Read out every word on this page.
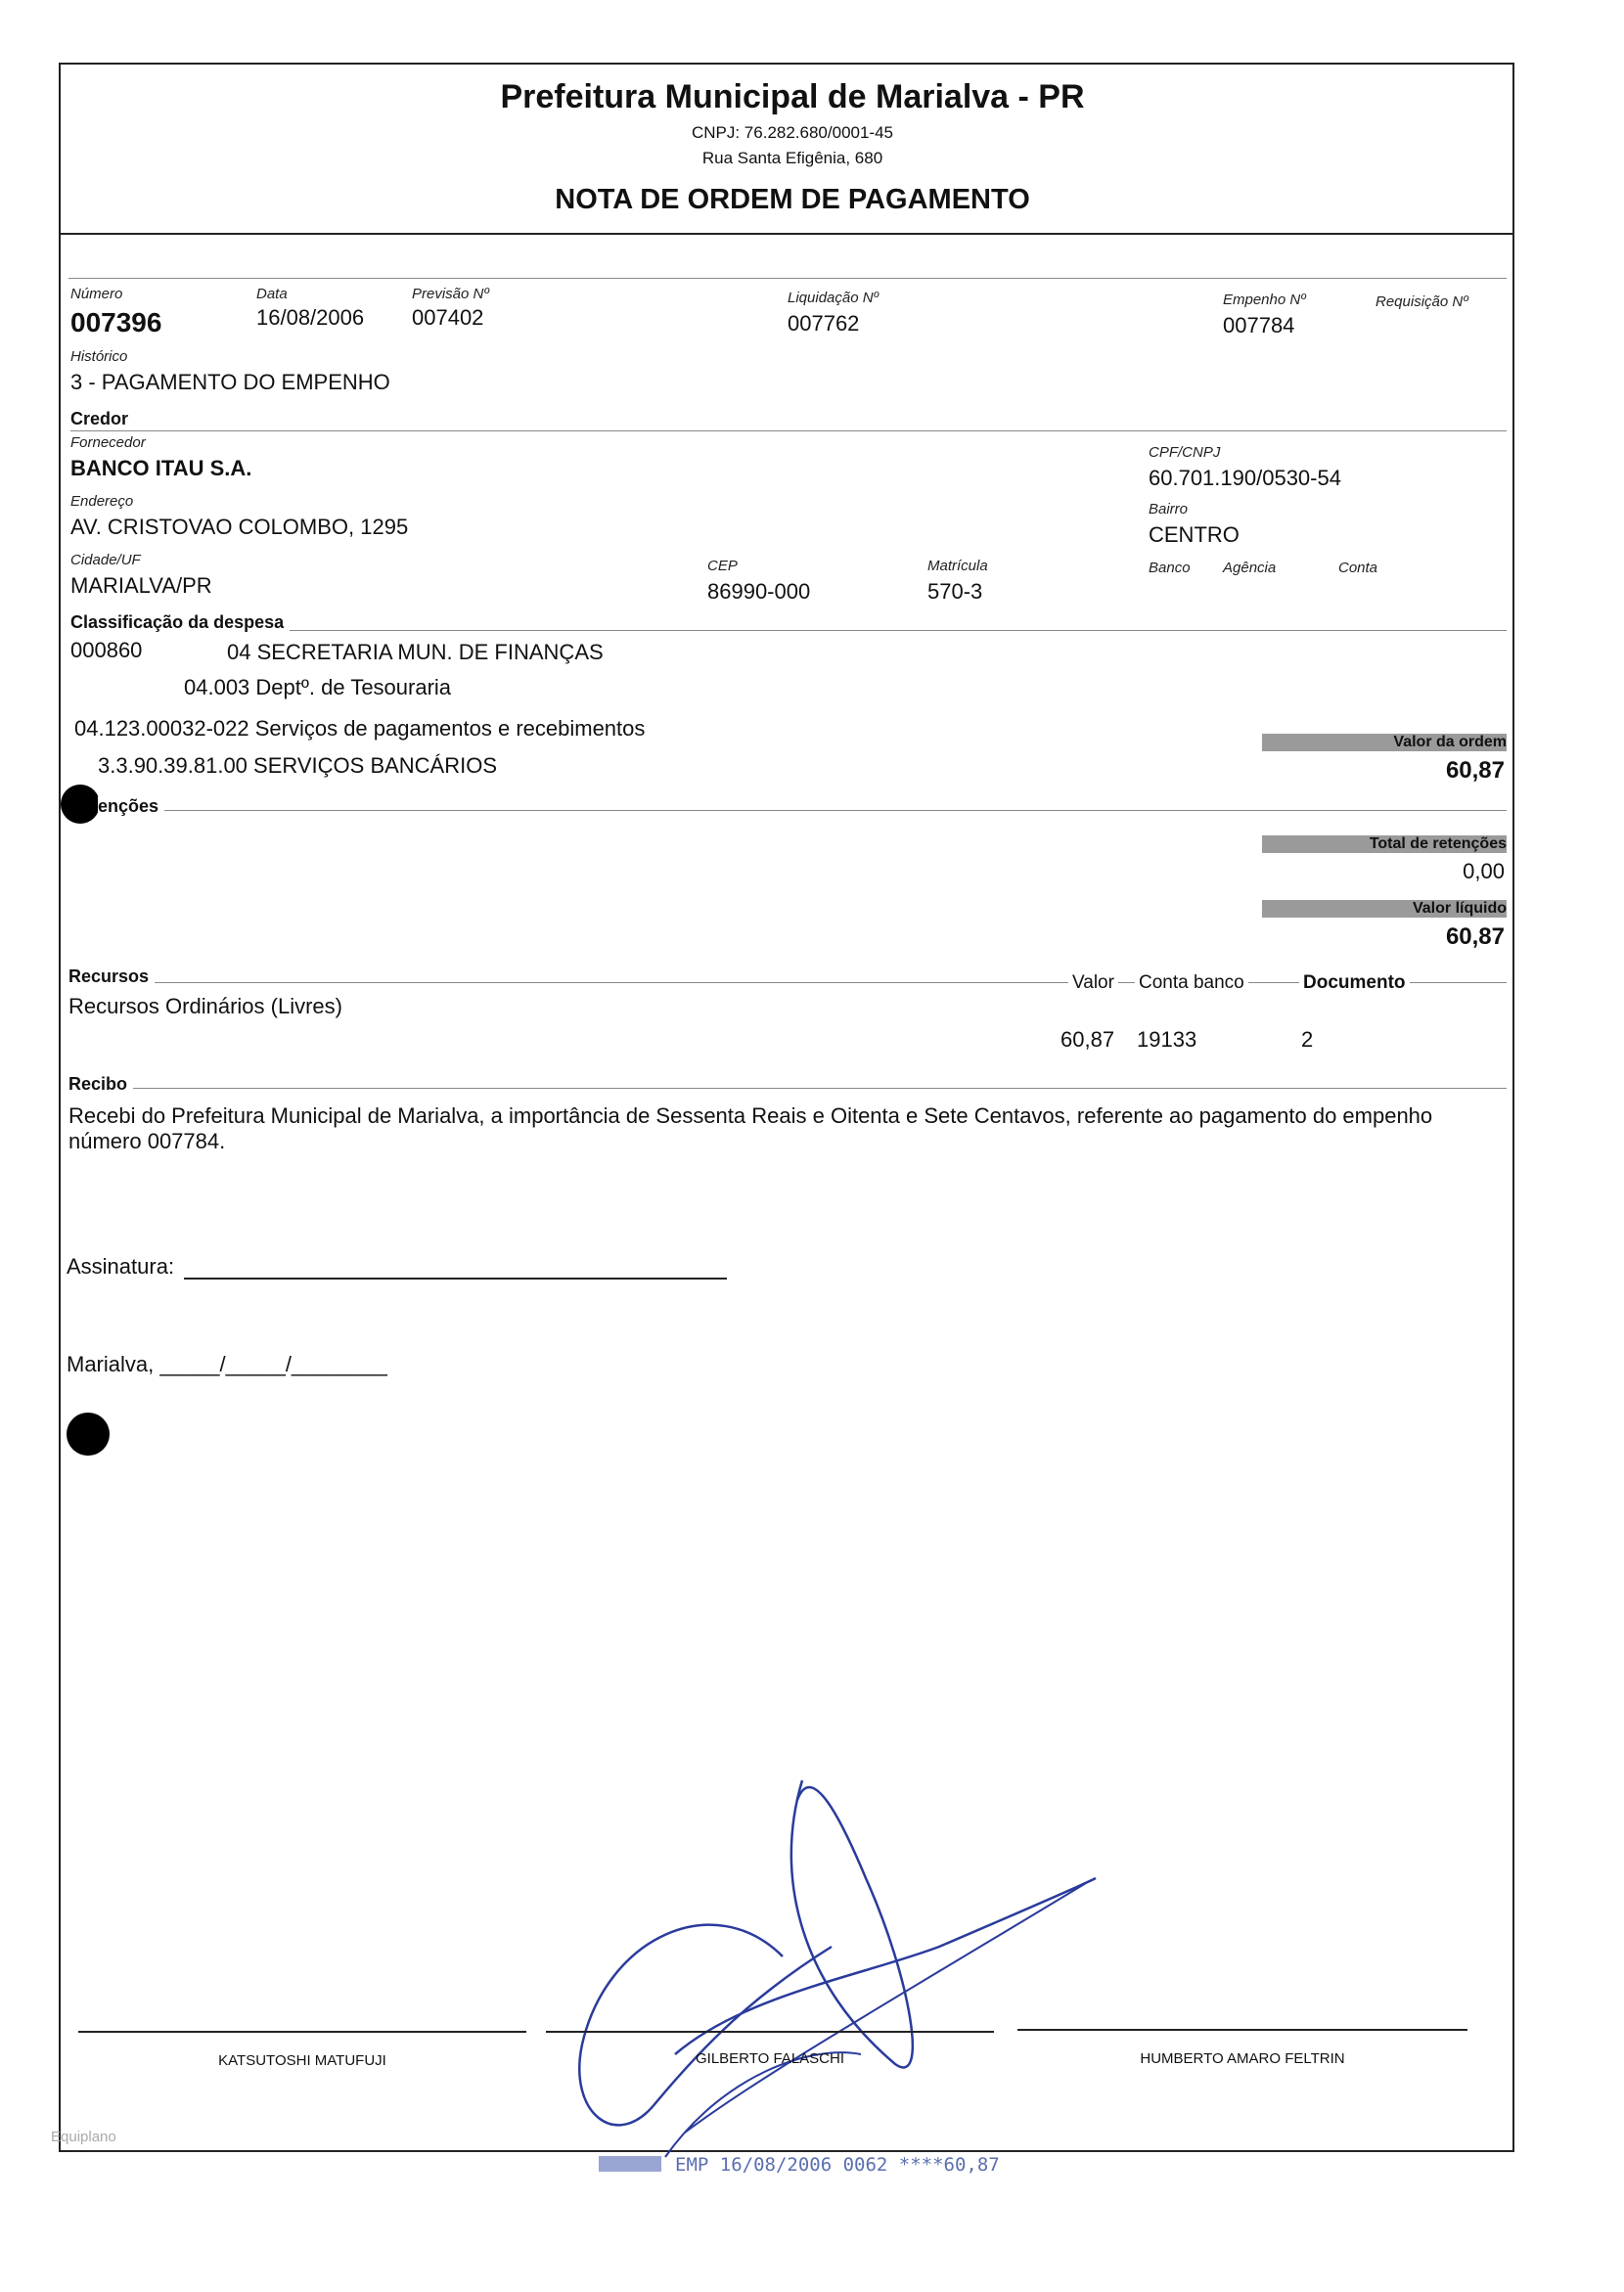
Prefeitura Municipal de Marialva - PR
CNPJ: 76.282.680/0001-45
Rua Santa Efigênia, 680
NOTA DE ORDEM DE PAGAMENTO
Número
007396
Data
16/08/2006
Previsão Nº
007402
Liquidação Nº
007762
Empenho Nº
007784
Requisição Nº
Histórico
3 - PAGAMENTO DO EMPENHO
Credor
Fornecedor
BANCO ITAU S.A.
CPF/CNPJ
60.701.190/0530-54
Endereço
AV. CRISTOVAO COLOMBO, 1295
Bairro
CENTRO
Cidade/UF
MARIALVA/PR
CEP
86990-000
Matrícula
570-3
Banco Agência	Conta
Classificação da despesa
000860	04 SECRETARIA MUN. DE FINANÇAS
04.003 Deptº. de Tesouraria
04.123.00032-022 Serviços de pagamentos e recebimentos
3.3.90.39.81.00 SERVIÇOS BANCÁRIOS
Valor da ordem
60,87
enções
Total de retenções
0,00
Valor líquido
60,87
Recursos	Valor Conta banco	Documento
Recursos Ordinários (Livres)
60,87 19133	2
Recibo
Recebi do Prefeitura Municipal de Marialva, a importância de Sessenta Reais e Oitenta e Sete Centavos, referente ao pagamento do empenho número 007784.
Assinatura:
Marialva, _____/_____/________
KATSUTOSHI MATUFUJI	GILBERTO FALASCHI	HUMBERTO AMARO FELTRIN
Equiplano
EMP 16/08/2006 0062 ****60,87
